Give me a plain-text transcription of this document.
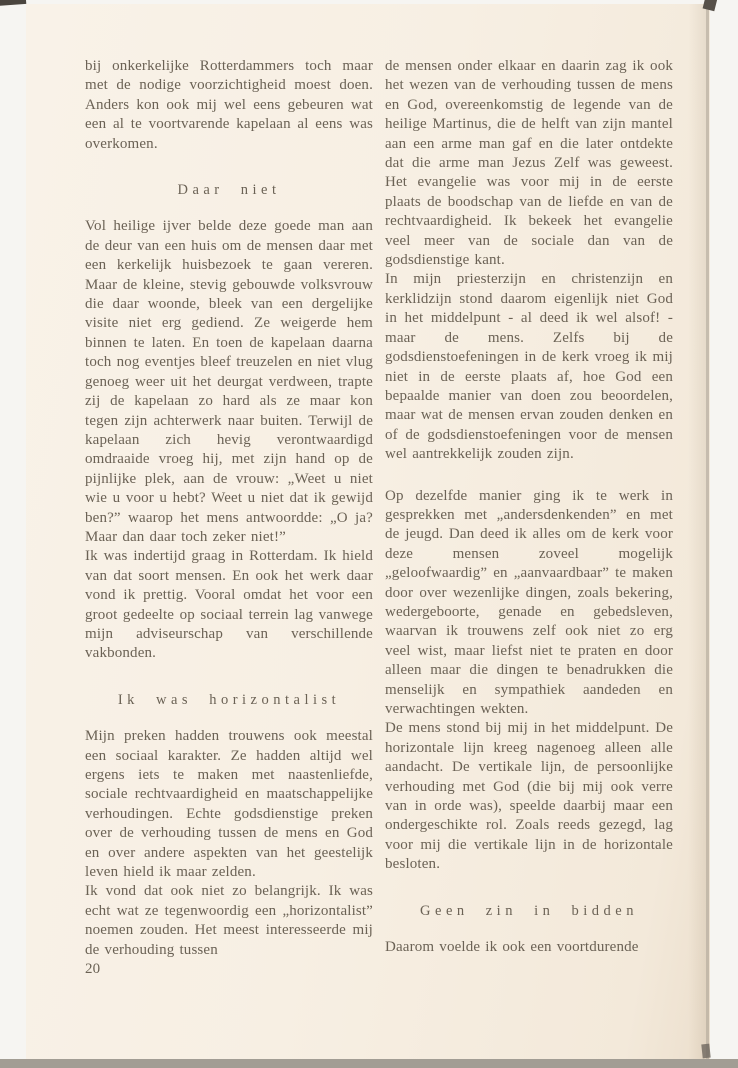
bij onkerkelijke Rotterdammers toch maar met de nodige voorzichtigheid moest doen. Anders kon ook mij wel eens gebeuren wat een al te voortvarende kapelaan al eens was overkomen.

Daar niet

Vol heilige ijver belde deze goede man aan de deur van een huis om de mensen daar met een kerkelijk huisbezoek te gaan vereren. Maar de kleine, stevig gebouwde volksvrouw die daar woonde, bleek van een dergelijke visite niet erg gediend. Ze weigerde hem binnen te laten. En toen de kapelaan daarna toch nog eventjes bleef treuzelen en niet vlug genoeg weer uit het deurgat verdween, trapte zij de kapelaan zo hard als ze maar kon tegen zijn achterwerk naar buiten. Terwijl de kapelaan zich hevig verontwaardigd omdraaide vroeg hij, met zijn hand op de pijnlijke plek, aan de vrouw: „Weet u niet wie u voor u hebt? Weet u niet dat ik gewijd ben?” waarop het mens antwoordde: „O ja? Maar dan daar toch zeker niet!”

Ik was indertijd graag in Rotterdam. Ik hield van dat soort mensen. En ook het werk daar vond ik prettig. Vooral omdat het voor een groot gedeelte op sociaal terrein lag vanwege mijn adviseurschap van verschillende vakbonden.

Ik was horizontalist

Mijn preken hadden trouwens ook meestal een sociaal karakter. Ze hadden altijd wel ergens iets te maken met naastenliefde, sociale rechtvaardigheid en maatschappelijke verhoudingen. Echte godsdienstige preken over de verhouding tussen de mens en God en over andere aspekten van het geestelijk leven hield ik maar zelden.

Ik vond dat ook niet zo belangrijk. Ik was echt wat ze tegenwoordig een „horizontalist” noemen zouden. Het meest interesseerde mij de verhouding tussen

20

de mensen onder elkaar en daarin zag ik ook het wezen van de verhouding tussen de mens en God, overeenkomstig de legende van de heilige Martinus, die de helft van zijn mantel aan een arme man gaf en die later ontdekte dat die arme man Jezus Zelf was geweest. Het evangelie was voor mij in de eerste plaats de boodschap van de liefde en van de rechtvaardigheid. Ik bekeek het evangelie veel meer van de sociale dan van de godsdienstige kant.

In mijn priesterzijn en christenzijn en kerklidzijn stond daarom eigenlijk niet God in het middelpunt - al deed ik wel alsof! - maar de mens. Zelfs bij de godsdienstoefeningen in de kerk vroeg ik mij niet in de eerste plaats af, hoe God een bepaalde manier van doen zou beoordelen, maar wat de mensen ervan zouden denken en of de godsdienstoefeningen voor de mensen wel aantrekkelijk zouden zijn.

Op dezelfde manier ging ik te werk in gesprekken met „andersdenkenden” en met de jeugd. Dan deed ik alles om de kerk voor deze mensen zoveel mogelijk „geloofwaardig” en „aanvaardbaar” te maken door over wezenlijke dingen, zoals bekering, wedergeboorte, genade en gebedsleven, waarvan ik trouwens zelf ook niet zo erg veel wist, maar liefst niet te praten en door alleen maar die dingen te benadrukken die menselijk en sympathiek aandeden en verwachtingen wekten.

De mens stond bij mij in het middelpunt. De horizontale lijn kreeg nagenoeg alleen alle aandacht. De vertikale lijn, de persoonlijke verhouding met God (die bij mij ook verre van in orde was), speelde daarbij maar een ondergeschikte rol. Zoals reeds gezegd, lag voor mij die vertikale lijn in de horizontale besloten.

Geen zin in bidden

Daarom voelde ik ook een voortdurende
